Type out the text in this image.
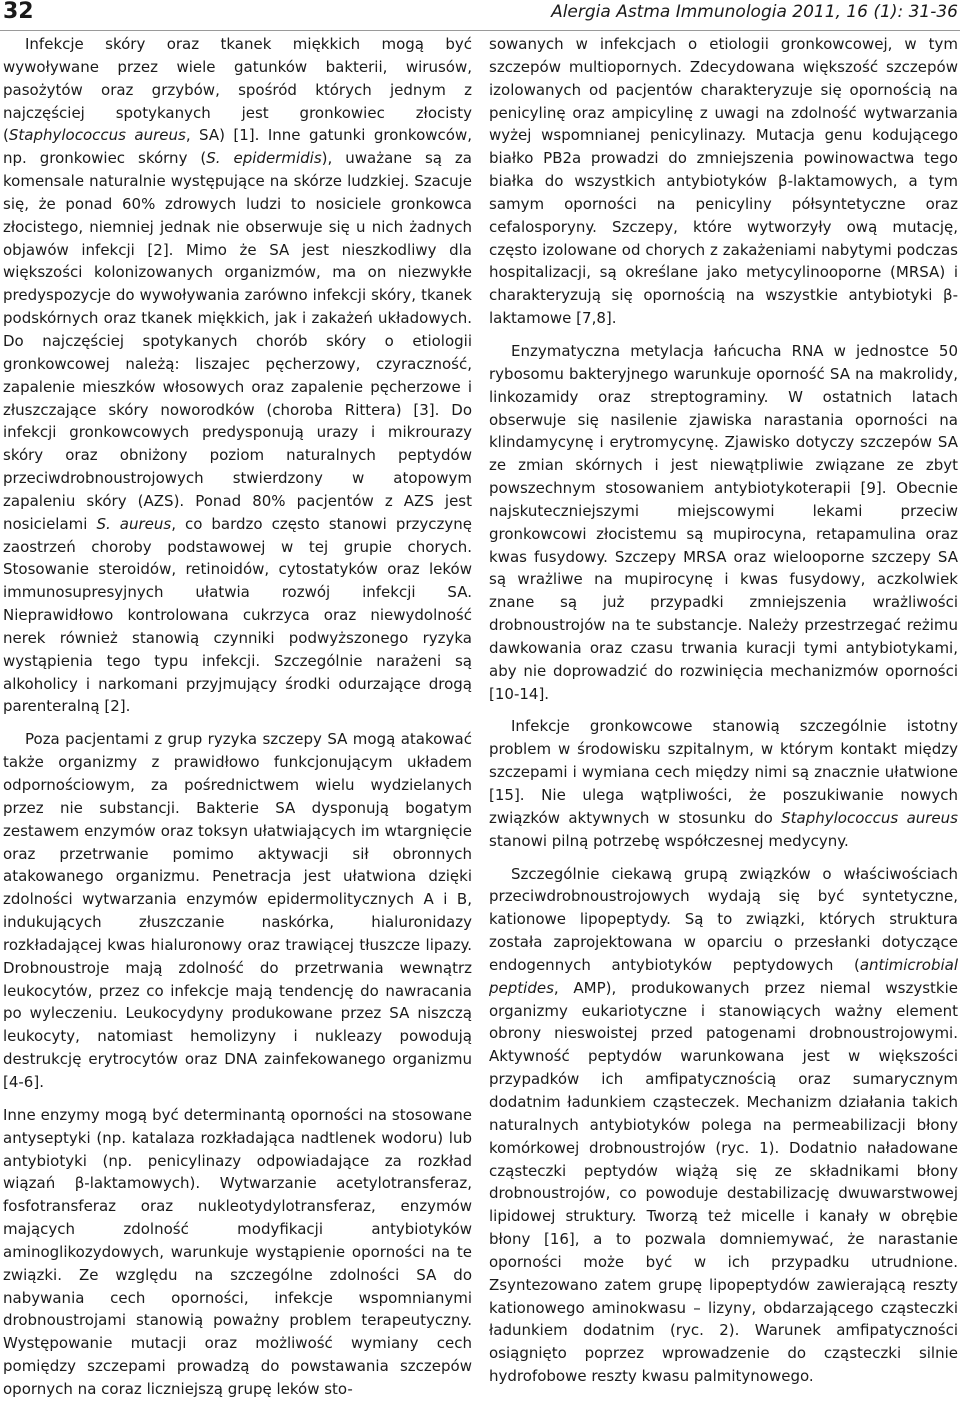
32	Alergia Astma Immunologia 2011, 16 (1): 31-36

Infekcje skóry oraz tkanek miękkich mogą być wywoływane przez wiele gatunków bakterii, wirusów, pasożytów oraz grzybów, spośród których jednym z najczęściej spotykanych jest gronkowiec złocisty (Staphylococcus aureus, SA) [1]. Inne gatunki gronkowców, np. gronkowiec skórny (S. epidermidis), uważane są za komensale naturalnie występujące na skórze ludzkiej. Szacuje się, że ponad 60% zdrowych ludzi to nosiciele gronkowca złocistego, niemniej jednak nie obserwuje się u nich żadnych objawów infekcji [2]. Mimo że SA jest nieszkodliwy dla większości kolonizowanych organizmów, ma on niezwykłe predyspozycje do wywoływania zarówno infekcji skóry, tkanek podskórnych oraz tkanek miękkich, jak i zakażeń układowych. Do najczęściej spotykanych chorób skóry o etiologii gronkowcowej należą: liszajec pęcherzowy, czyraczność, zapalenie mieszków włosowych oraz zapalenie pęcherzowe i złuszczające skóry noworodków (choroba Rittera) [3]. Do infekcji gronkowcowych predysponują urazy i mikrourazy skóry oraz obniżony poziom naturalnych peptydów przeciwdrobnoustrojowych stwierdzony w atopowym zapaleniu skóry (AZS). Ponad 80% pacjentów z AZS jest nosicielami S. aureus, co bardzo często stanowi przyczynę zaostrzeń choroby podstawowej w tej grupie chorych. Stosowanie steroidów, retinoidów, cytostatyków oraz leków immunosupresyjnych ułatwia rozwój infekcji SA. Nieprawidłowo kontrolowana cukrzyca oraz niewydolność nerek również stanowią czynniki podwyższonego ryzyka wystąpienia tego typu infekcji. Szczególnie narażeni są alkoholicy i narkomani przyjmujący środki odurzające drogą parenteralną [2].

Poza pacjentami z grup ryzyka szczepy SA mogą atakować także organizmy z prawidłowo funkcjonującym układem odpornościowym, za pośrednictwem wielu wydzielanych przez nie substancji. Bakterie SA dysponują bogatym zestawem enzymów oraz toksyn ułatwiających im wtargnięcie oraz przetrwanie pomimo aktywacji sił obronnych atakowanego organizmu. Penetracja jest ułatwiona dzięki zdolności wytwarzania enzymów epidermolitycznych A i B, indukujących złuszczanie naskórka, hialuronidazy rozkładającej kwas hialuronowy oraz trawiącej tłuszcze lipazy. Drobnoustroje mają zdolność do przetrwania wewnątrz leukocytów, przez co infekcje mają tendencję do nawracania po wyleczeniu. Leukocydyny produkowane przez SA niszczą leukocyty, natomiast hemolizyny i nukleazy powodują destrukcję erytrocytów oraz DNA zainfekowanego organizmu [4-6].

Inne enzymy mogą być determinantą oporności na stosowane antyseptyki (np. katalaza rozkładająca nadtlenek wodoru) lub antybiotyki (np. penicylinazy odpowiadające za rozkład wiązań β-laktamowych). Wytwarzanie acetylotransferaz, fosfotransferaz oraz nukleotydylotransferaz, enzymów mających zdolność modyfikacji antybiotyków aminoglikozydowych, warunkuje wystąpienie oporności na te związki. Ze względu na szczególne zdolności SA do nabywania cech oporności, infekcje wspomnianymi drobnoustrojami stanowią poważny problem terapeutyczny. Występowanie mutacji oraz możliwość wymiany cech pomiędzy szczepami prowadzą do powstawania szczepów opornych na coraz liczniejszą grupę leków sto-

sowanych w infekcjach o etiologii gronkowcowej, w tym szczepów multiopornych. Zdecydowana większość szczepów izolowanych od pacjentów charakteryzuje się opornością na penicylinę oraz ampicylinę z uwagi na zdolność wytwarzania wyżej wspomnianej penicylinazy. Mutacja genu kodującego białko PB2a prowadzi do zmniejszenia powinowactwa tego białka do wszystkich antybiotyków β-laktamowych, a tym samym oporności na penicyliny półsyntetyczne oraz cefalosporyny. Szczepy, które wytworzyły ową mutację, często izolowane od chorych z zakażeniami nabytymi podczas hospitalizacji, są określane jako metycylinooporne (MRSA) i charakteryzują się opornością na wszystkie antybiotyki β-laktamowe [7,8].

Enzymatyczna metylacja łańcucha RNA w jednostce 50 rybosomu bakteryjnego warunkuje oporność SA na makrolidy, linkozamidy oraz streptograminy. W ostatnich latach obserwuje się nasilenie zjawiska narastania oporności na klindamycynę i erytromycynę. Zjawisko dotyczy szczepów SA ze zmian skórnych i jest niewątpliwie związane ze zbyt powszechnym stosowaniem antybiotykoterapii [9]. Obecnie najskuteczniejszymi miejscowymi lekami przeciw gronkowcowi złocistemu są mupirocyna, retapamulina oraz kwas fusydowy. Szczepy MRSA oraz wielooporne szczepy SA są wrażliwe na mupirocynę i kwas fusydowy, aczkolwiek znane są już przypadki zmniejszenia wrażliwości drobnoustrojów na te substancje. Należy przestrzegać reżimu dawkowania oraz czasu trwania kuracji tymi antybiotykami, aby nie doprowadzić do rozwinięcia mechanizmów oporności [10-14].

Infekcje gronkowcowe stanowią szczególnie istotny problem w środowisku szpitalnym, w którym kontakt między szczepami i wymiana cech między nimi są znacznie ułatwione [15]. Nie ulega wątpliwości, że poszukiwanie nowych związków aktywnych w stosunku do Staphylococcus aureus stanowi pilną potrzebę współczesnej medycyny.

Szczególnie ciekawą grupą związków o właściwościach przeciwdrobnoustrojowych wydają się być syntetyczne, kationowe lipopeptydy. Są to związki, których struktura została zaprojektowana w oparciu o przesłanki dotyczące endogennych antybiotyków peptydowych (antimicrobial peptides, AMP), produkowanych przez niemal wszystkie organizmy eukariotyczne i stanowiących ważny element obrony nieswoistej przed patogenami drobnoustrojowymi. Aktywność peptydów warunkowana jest w większości przypadków ich amfipatycznością oraz sumarycznym dodatnim ładunkiem cząsteczek. Mechanizm działania takich naturalnych antybiotyków polega na permeabilizacji błony komórkowej drobnoustrojów (ryc. 1). Dodatnio naładowane cząsteczki peptydów wiążą się ze składnikami błony drobnoustrojów, co powoduje destabilizację dwuwarstwowej lipidowej struktury. Tworzą też micelle i kanały w obrębie błony [16], a to pozwala domniemywać, że narastanie oporności może być w ich przypadku utrudnione. Zsyntezowano zatem grupę lipopeptydów zawierającą reszty kationowego aminokwasu – lizyny, obdarzającego cząsteczki ładunkiem dodatnim (ryc. 2). Warunek amfipatyczności osiągnięto poprzez wprowadzenie do cząsteczki silnie hydrofobowe reszty kwasu palmitynowego.
